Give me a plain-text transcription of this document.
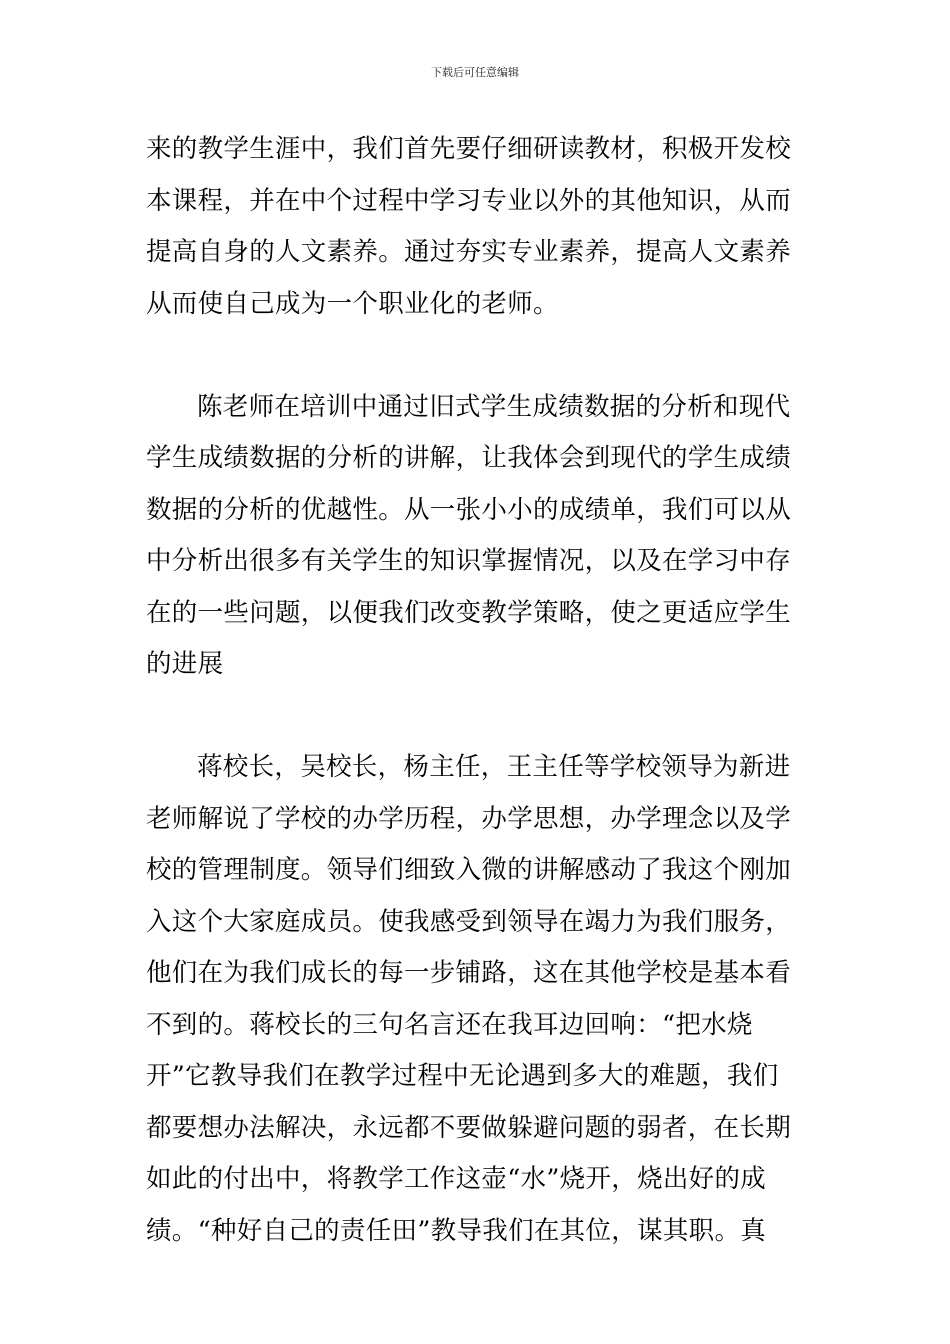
下载后可任意编辑

来的教学生涯中，我们首先要仔细研读教材，积极开发校
本课程，并在中个过程中学习专业以外的其他知识，从而
提高自身的人文素养。通过夯实专业素养，提高人文素养
从而使自己成为一个职业化的老师。

陈老师在培训中通过旧式学生成绩数据的分析和现代
学生成绩数据的分析的讲解，让我体会到现代的学生成绩
数据的分析的优越性。从一张小小的成绩单，我们可以从
中分析出很多有关学生的知识掌握情况，以及在学习中存
在的一些问题，以便我们改变教学策略，使之更适应学生
的进展

蒋校长，吴校长，杨主任，王主任等学校领导为新进
老师解说了学校的办学历程，办学思想，办学理念以及学
校的管理制度。领导们细致入微的讲解感动了我这个刚加
入这个大家庭成员。使我感受到领导在竭力为我们服务，
他们在为我们成长的每一步铺路，这在其他学校是基本看
不到的。蒋校长的三句名言还在我耳边回响：“把水烧
开”它教导我们在教学过程中无论遇到多大的难题，我们
都要想办法解决，永远都不要做躲避问题的弱者，在长期
如此的付出中，将教学工作这壶“水”烧开，烧出好的成
绩。“种好自己的责任田”教导我们在其位，谋其职。真
